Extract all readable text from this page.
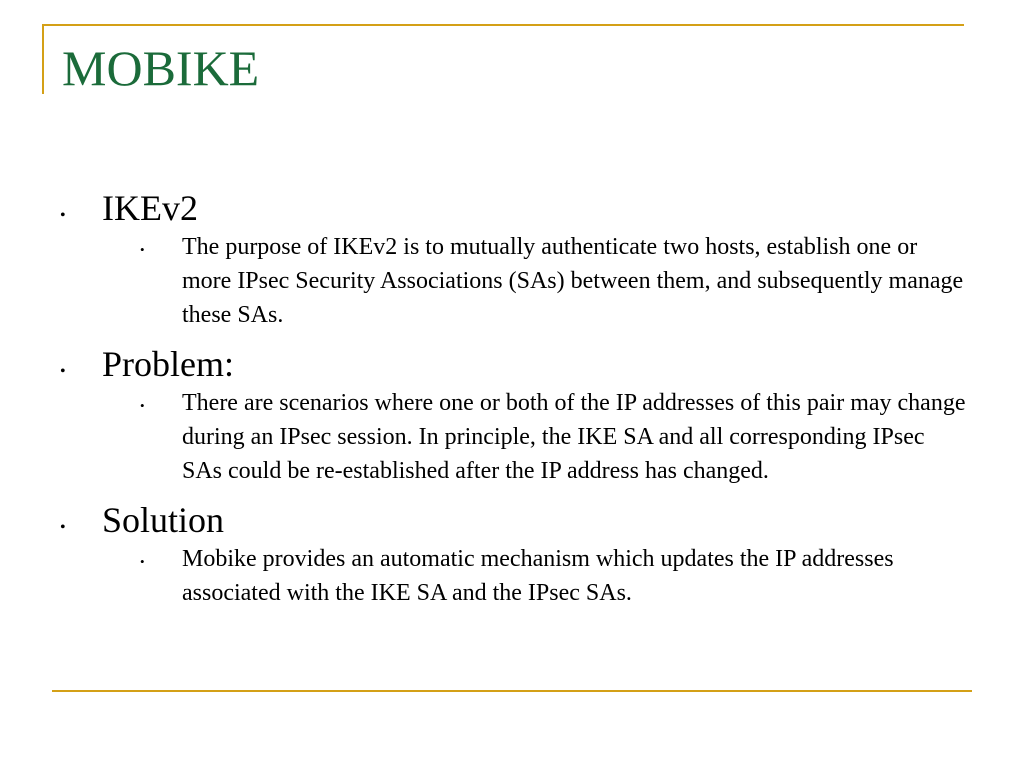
MOBIKE
•	IKEv2
•	The purpose of IKEv2 is to mutually authenticate two hosts, establish one or more IPsec Security Associations (SAs) between them, and subsequently manage these SAs.
•	Problem:
•	There are scenarios where one or both of the IP addresses of this pair may change during an IPsec session. In principle, the IKE SA and all corresponding IPsec SAs could be re-established after the IP address has changed.
•	Solution
•	Mobike provides an automatic mechanism which updates the IP addresses associated with the IKE SA and the IPsec SAs.
